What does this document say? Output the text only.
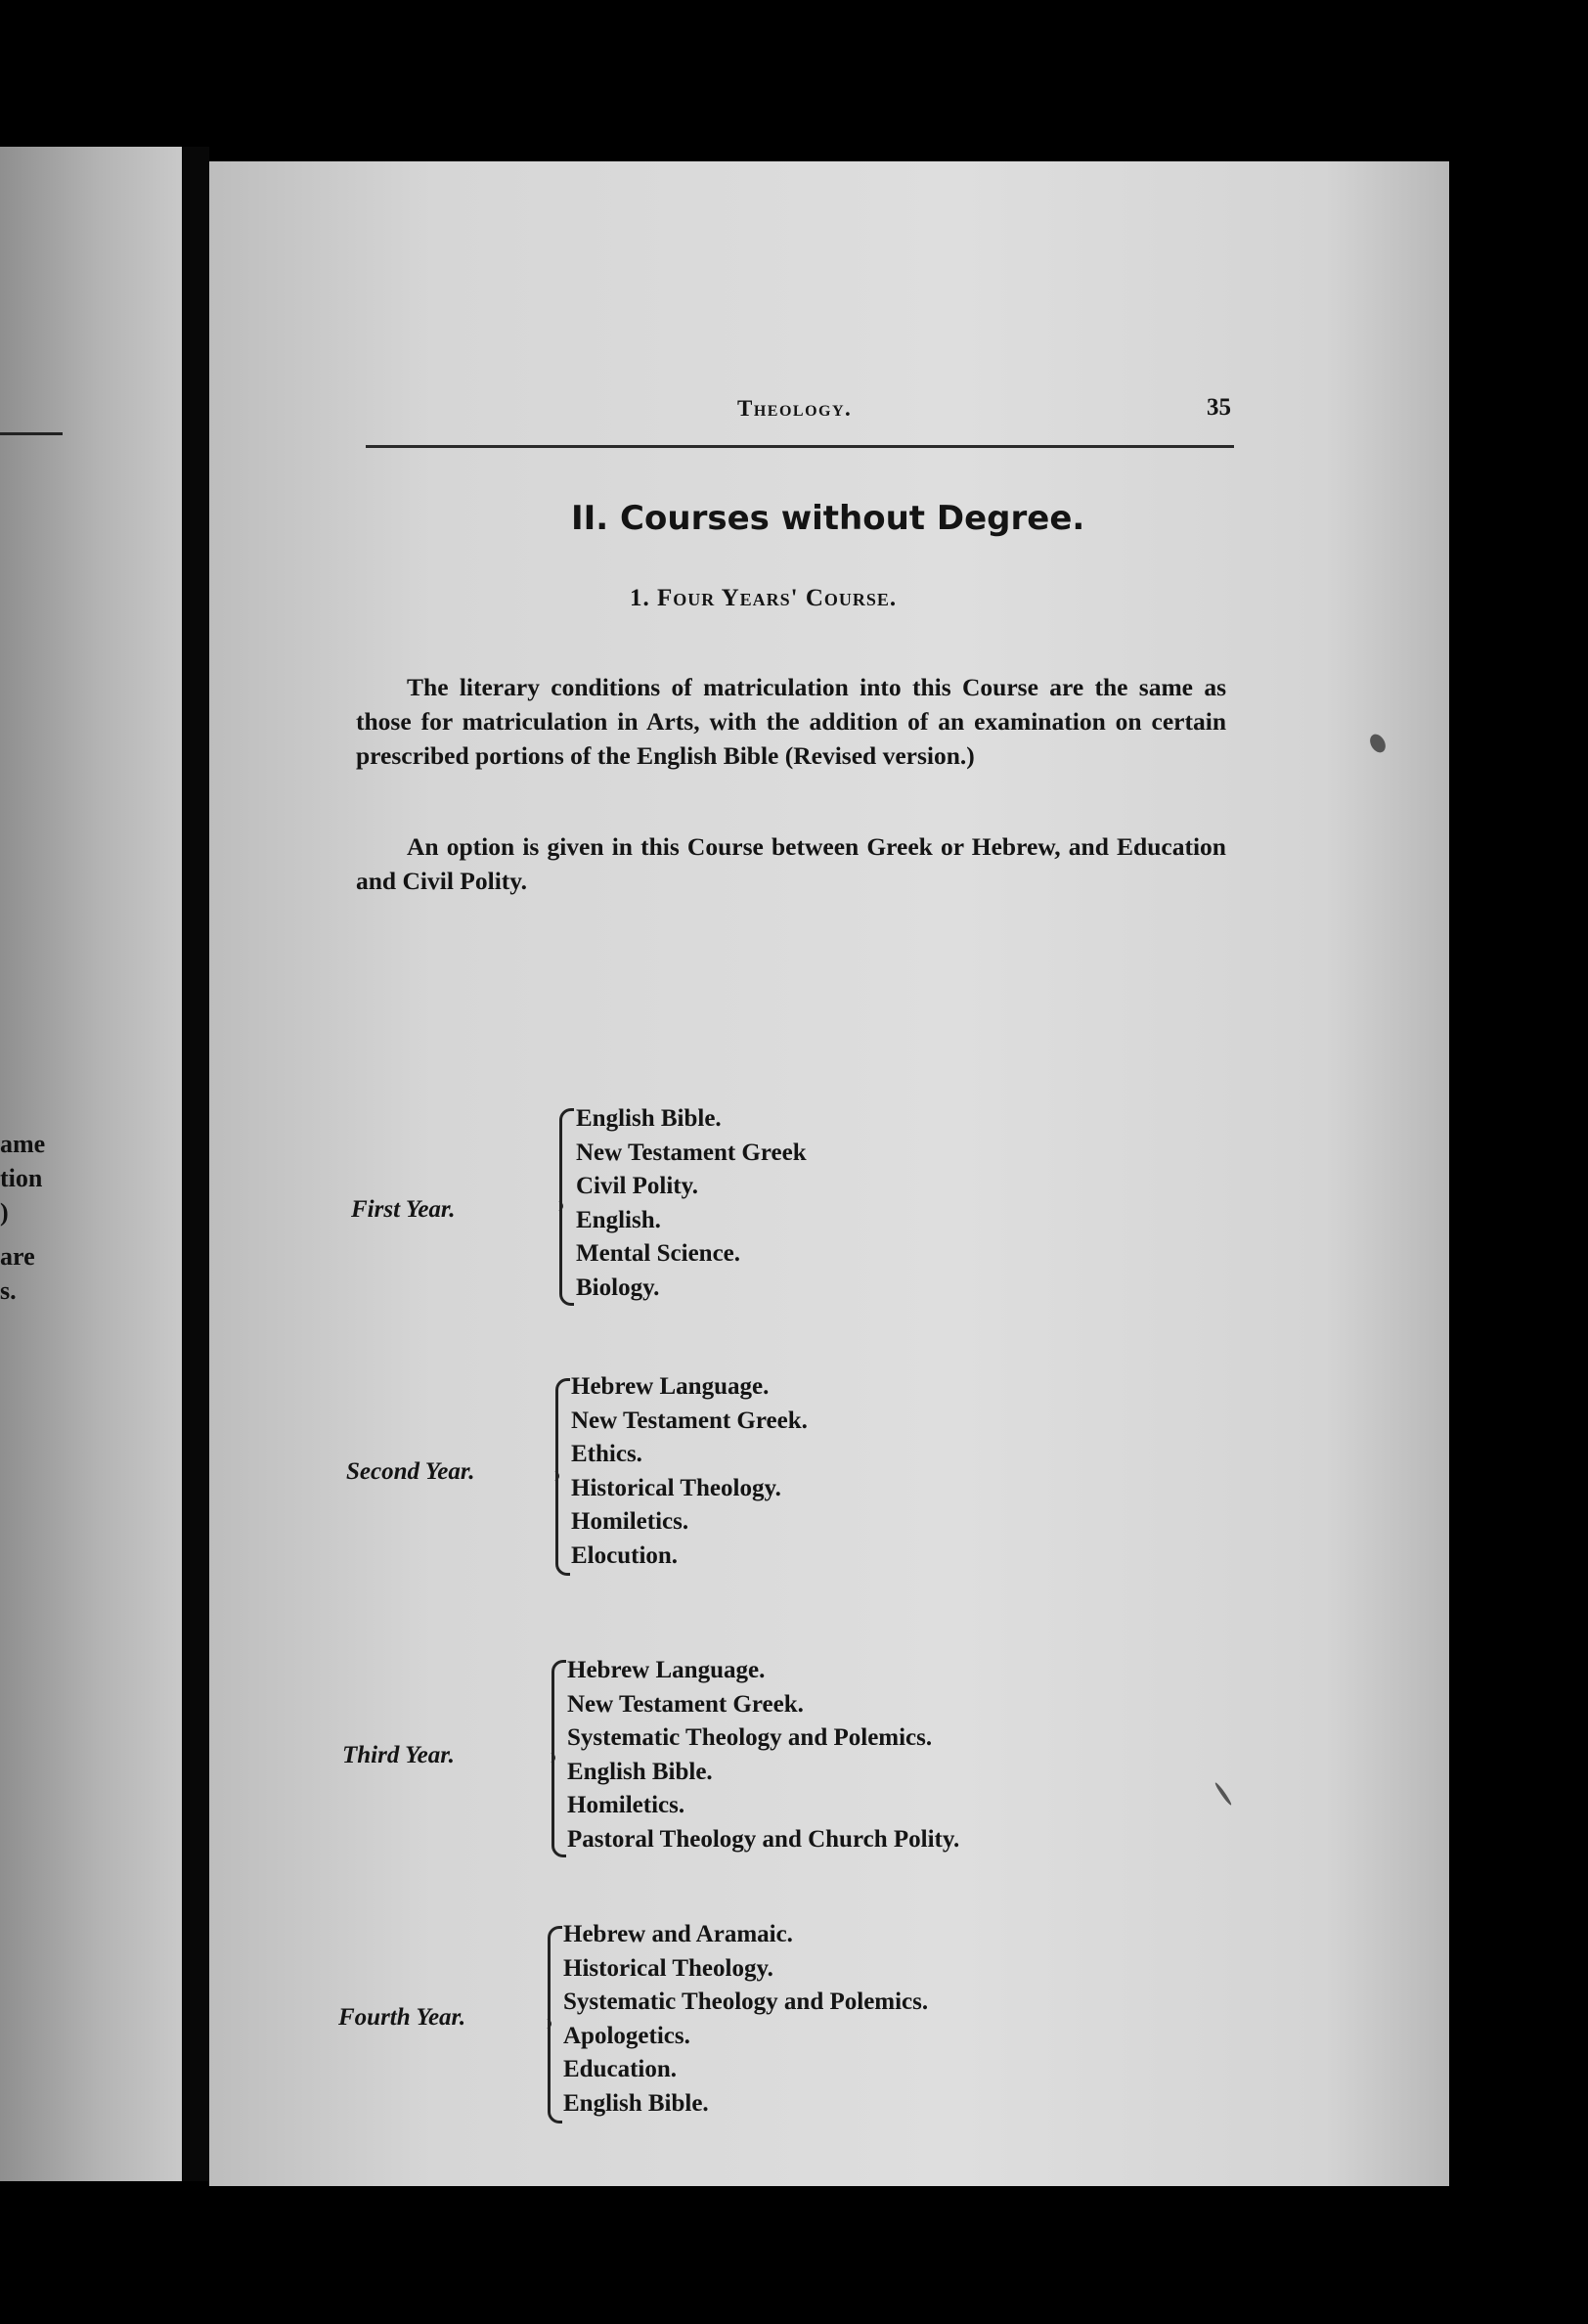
ame
tion
)
are
s.
Theology.	35
II. Courses without Degree.
1. Four Years' Course.

The literary conditions of matriculation into this Course are the same as those for matriculation in Arts, with the addition of an examination on certain prescribed portions of the English Bible (Revised version.)

An option is given in this Course between Greek or Hebrew, and Education and Civil Polity.

First Year.
English Bible.
New Testament Greek
Civil Polity.
English.
Mental Science.
Biology.
Second Year.
Hebrew Language.
New Testament Greek.
Ethics.
Historical Theology.
Homiletics.
Elocution.
Third Year.
Hebrew Language.
New Testament Greek.
Systematic Theology and Polemics.
English Bible.
Homiletics.
Pastoral Theology and Church Polity.
Fourth Year.
Hebrew and Aramaic.
Historical Theology.
Systematic Theology and Polemics.
Apologetics.
Education.
English Bible.
